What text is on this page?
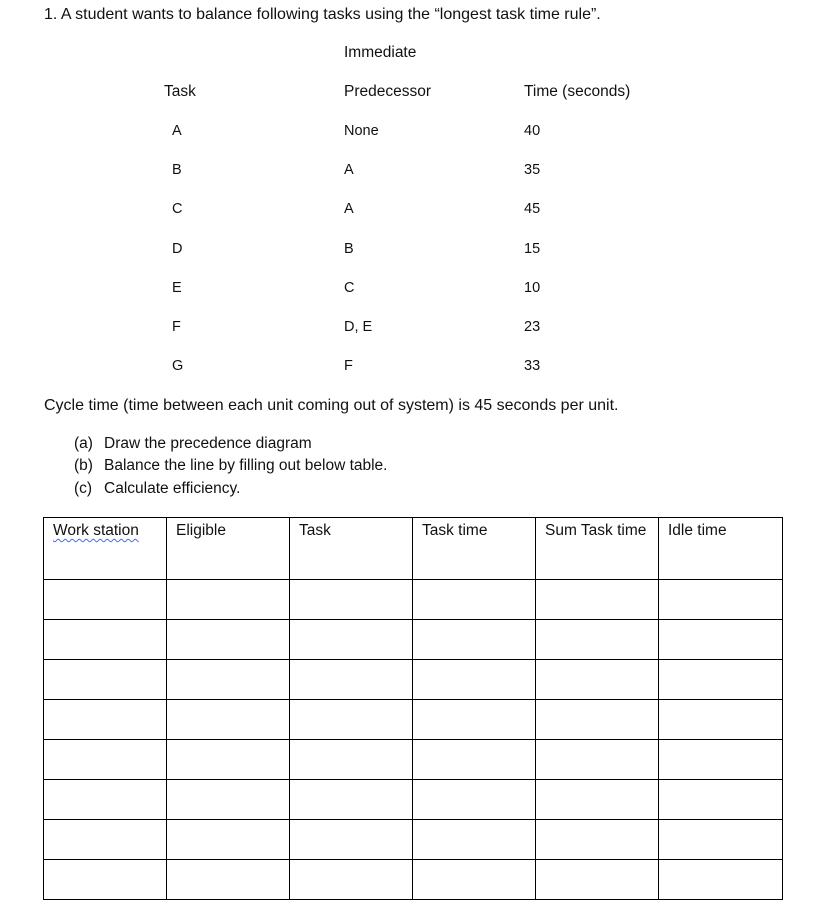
1. A student wants to balance following tasks using the “longest task time rule”.
Immediate
Task	Predecessor	Time (seconds)
A	None	40
B	A	35
C	A	45
D	B	15
E	C	10
F	D, E	23
G	F	33
Cycle time (time between each unit coming out of system) is 45 seconds per unit.
(a) Draw the precedence diagram
(b) Balance the line by filling out below table.
(c) Calculate efficiency.
Work station	Eligible	Task	Task time	Sum Task time	Idle time
